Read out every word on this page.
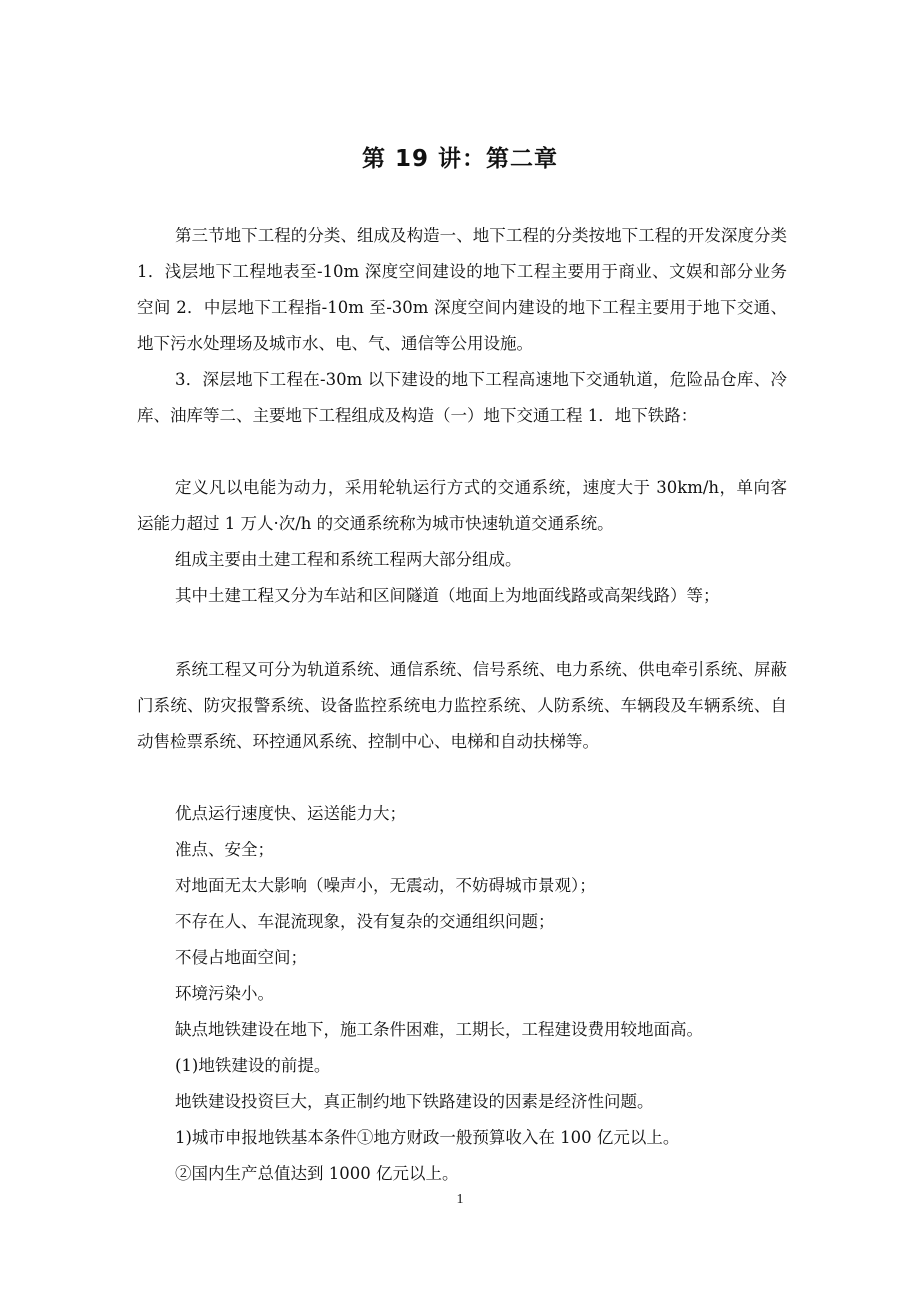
第 19 讲：第二章

第三节地下工程的分类、组成及构造一、地下工程的分类按地下工程的开发深度分类 1．浅层地下工程地表至-10m 深度空间建设的地下工程主要用于商业、文娱和部分业务空间 2．中层地下工程指-10m 至-30m 深度空间内建设的地下工程主要用于地下交通、地下污水处理场及城市水、电、气、通信等公用设施。

3．深层地下工程在-30m 以下建设的地下工程高速地下交通轨道，危险品仓库、冷库、油库等二、主要地下工程组成及构造（一）地下交通工程 1．地下铁路：

定义凡以电能为动力，采用轮轨运行方式的交通系统，速度大于 30km/h，单向客运能力超过 1 万人·次/h 的交通系统称为城市快速轨道交通系统。

组成主要由土建工程和系统工程两大部分组成。

其中土建工程又分为车站和区间隧道（地面上为地面线路或高架线路）等；

系统工程又可分为轨道系统、通信系统、信号系统、电力系统、供电牵引系统、屏蔽门系统、防灾报警系统、设备监控系统电力监控系统、人防系统、车辆段及车辆系统、自动售检票系统、环控通风系统、控制中心、电梯和自动扶梯等。

优点运行速度快、运送能力大；

准点、安全；

对地面无太大影响（噪声小，无震动，不妨碍城市景观）；

不存在人、车混流现象，没有复杂的交通组织问题；

不侵占地面空间；

环境污染小。

缺点地铁建设在地下，施工条件困难，工期长，工程建设费用较地面高。

(1)地铁建设的前提。

地铁建设投资巨大，真正制约地下铁路建设的因素是经济性问题。

1)城市申报地铁基本条件①地方财政一般预算收入在 100 亿元以上。

②国内生产总值达到 1000 亿元以上。

1
